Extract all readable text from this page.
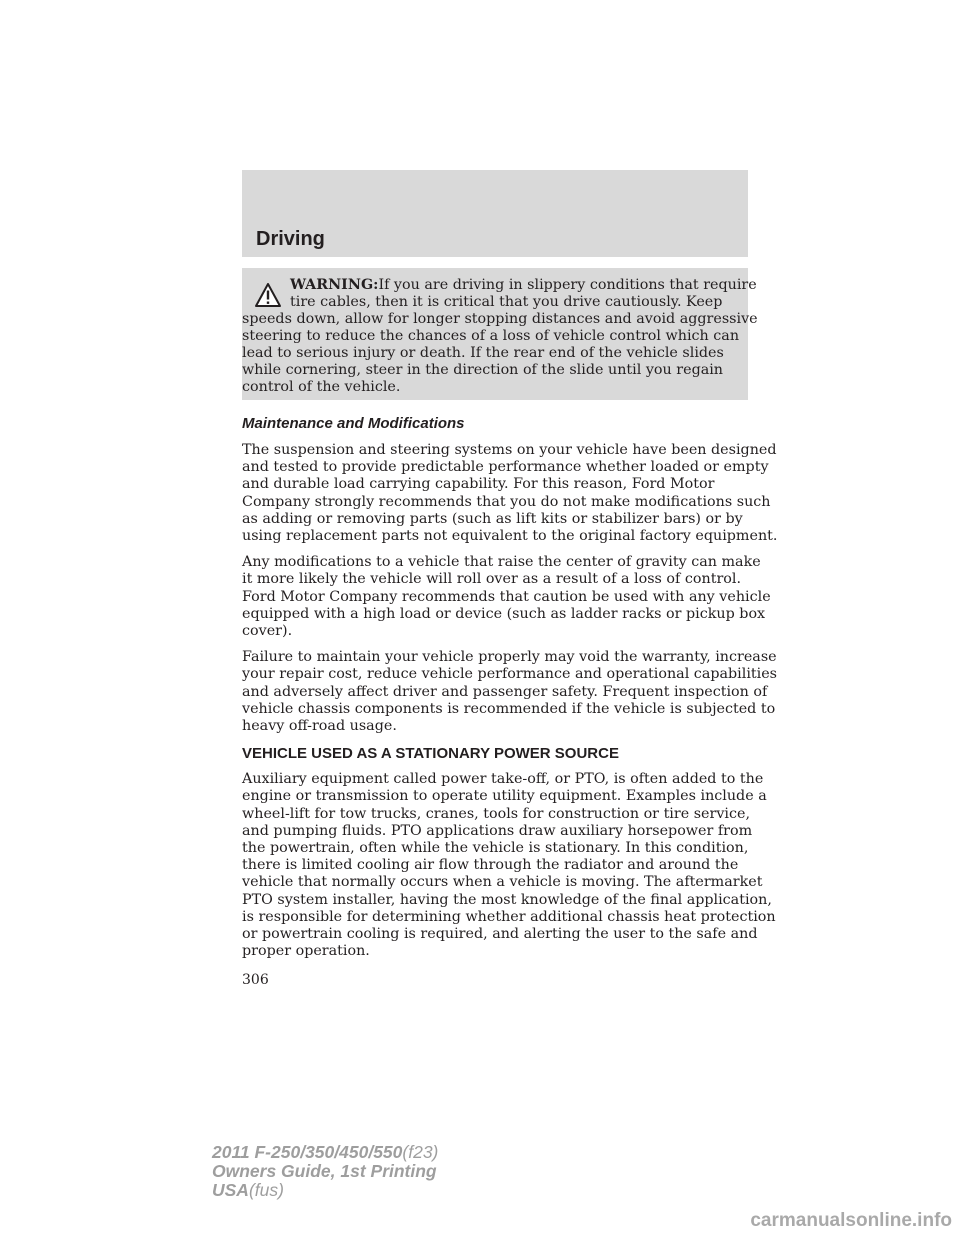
Driving
WARNING:If you are driving in slippery conditions that require
tire cables, then it is critical that you drive cautiously. Keep
speeds down, allow for longer stopping distances and avoid aggressive
steering to reduce the chances of a loss of vehicle control which can
lead to serious injury or death. If the rear end of the vehicle slides
while cornering, steer in the direction of the slide until you regain
control of the vehicle.
Maintenance and Modifications
The suspension and steering systems on your vehicle have been designed
and tested to provide predictable performance whether loaded or empty
and durable load carrying capability. For this reason, Ford Motor
Company strongly recommends that you do not make modifications such
as adding or removing parts (such as lift kits or stabilizer bars) or by
using replacement parts not equivalent to the original factory equipment.
Any modifications to a vehicle that raise the center of gravity can make
it more likely the vehicle will roll over as a result of a loss of control.
Ford Motor Company recommends that caution be used with any vehicle
equipped with a high load or device (such as ladder racks or pickup box
cover).
Failure to maintain your vehicle properly may void the warranty, increase
your repair cost, reduce vehicle performance and operational capabilities
and adversely affect driver and passenger safety. Frequent inspection of
vehicle chassis components is recommended if the vehicle is subjected to
heavy off-road usage.
VEHICLE USED AS A STATIONARY POWER SOURCE
Auxiliary equipment called power take-off, or PTO, is often added to the
engine or transmission to operate utility equipment. Examples include a
wheel-lift for tow trucks, cranes, tools for construction or tire service,
and pumping fluids. PTO applications draw auxiliary horsepower from
the powertrain, often while the vehicle is stationary. In this condition,
there is limited cooling air flow through the radiator and around the
vehicle that normally occurs when a vehicle is moving. The aftermarket
PTO system installer, having the most knowledge of the final application,
is responsible for determining whether additional chassis heat protection
or powertrain cooling is required, and alerting the user to the safe and
proper operation.
306
2011 F-250/350/450/550(f23)
Owners Guide, 1st Printing
USA(fus)
carmanualsonline.info
